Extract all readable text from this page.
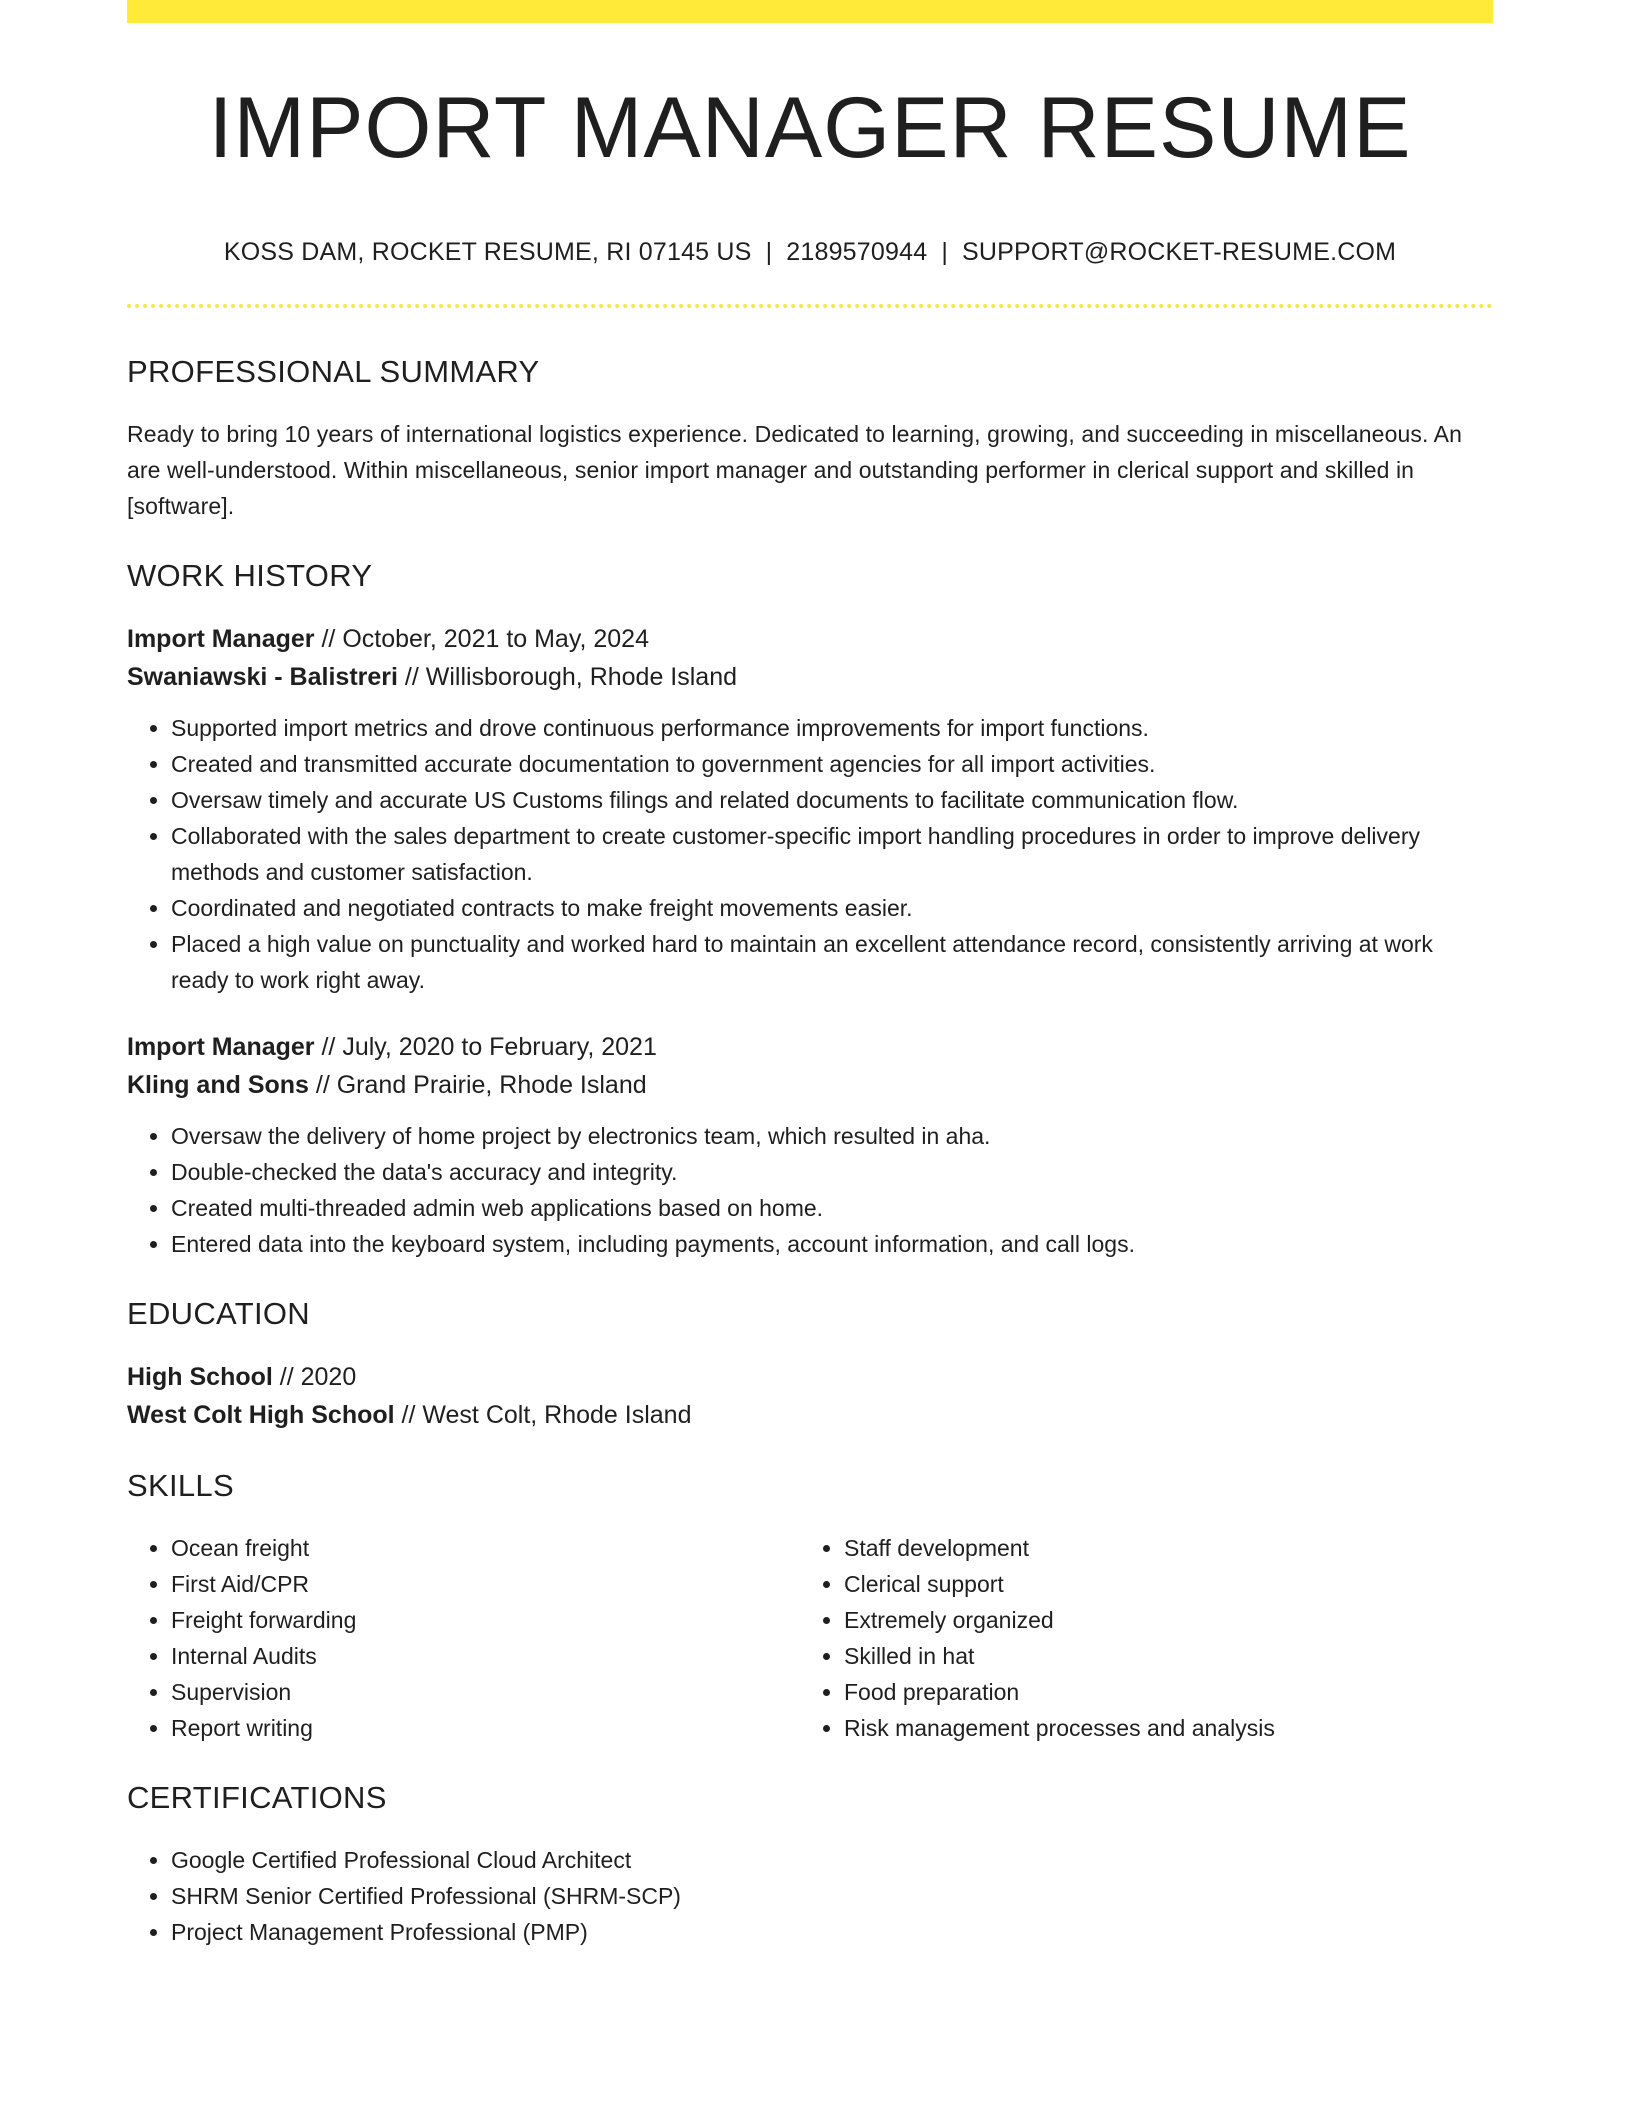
IMPORT MANAGER RESUME
KOSS DAM, ROCKET RESUME, RI 07145 US | 2189570944 | SUPPORT@ROCKET-RESUME.COM
PROFESSIONAL SUMMARY

Ready to bring 10 years of international logistics experience. Dedicated to learning, growing, and succeeding in miscellaneous. An are well-understood. Within miscellaneous, senior import manager and outstanding performer in clerical support and skilled in [software].

WORK HISTORY

Import Manager // October, 2021 to May, 2024

Swaniawski - Balistreri // Willisborough, Rhode Island

• Supported import metrics and drove continuous performance improvements for import functions.
• Created and transmitted accurate documentation to government agencies for all import activities.
• Oversaw timely and accurate US Customs filings and related documents to facilitate communication flow.
• Collaborated with the sales department to create customer-specific import handling procedures in order to improve delivery methods and customer satisfaction.
• Coordinated and negotiated contracts to make freight movements easier.
• Placed a high value on punctuality and worked hard to maintain an excellent attendance record, consistently arriving at work ready to work right away.

Import Manager // July, 2020 to February, 2021

Kling and Sons // Grand Prairie, Rhode Island

• Oversaw the delivery of home project by electronics team, which resulted in aha.
• Double-checked the data's accuracy and integrity.
• Created multi-threaded admin web applications based on home.
• Entered data into the keyboard system, including payments, account information, and call logs.
EDUCATION

High School // 2020

West Colt High School // West Colt, Rhode Island

SKILLS
• Ocean freight
• First Aid/CPR
• Freight forwarding
• Internal Audits
• Supervision
• Report writing
• Staff development
• Clerical support
• Extremely organized
• Skilled in hat
• Food preparation
• Risk management processes and analysis
CERTIFICATIONS
• Google Certified Professional Cloud Architect
• SHRM Senior Certified Professional (SHRM-SCP)
• Project Management Professional (PMP)
